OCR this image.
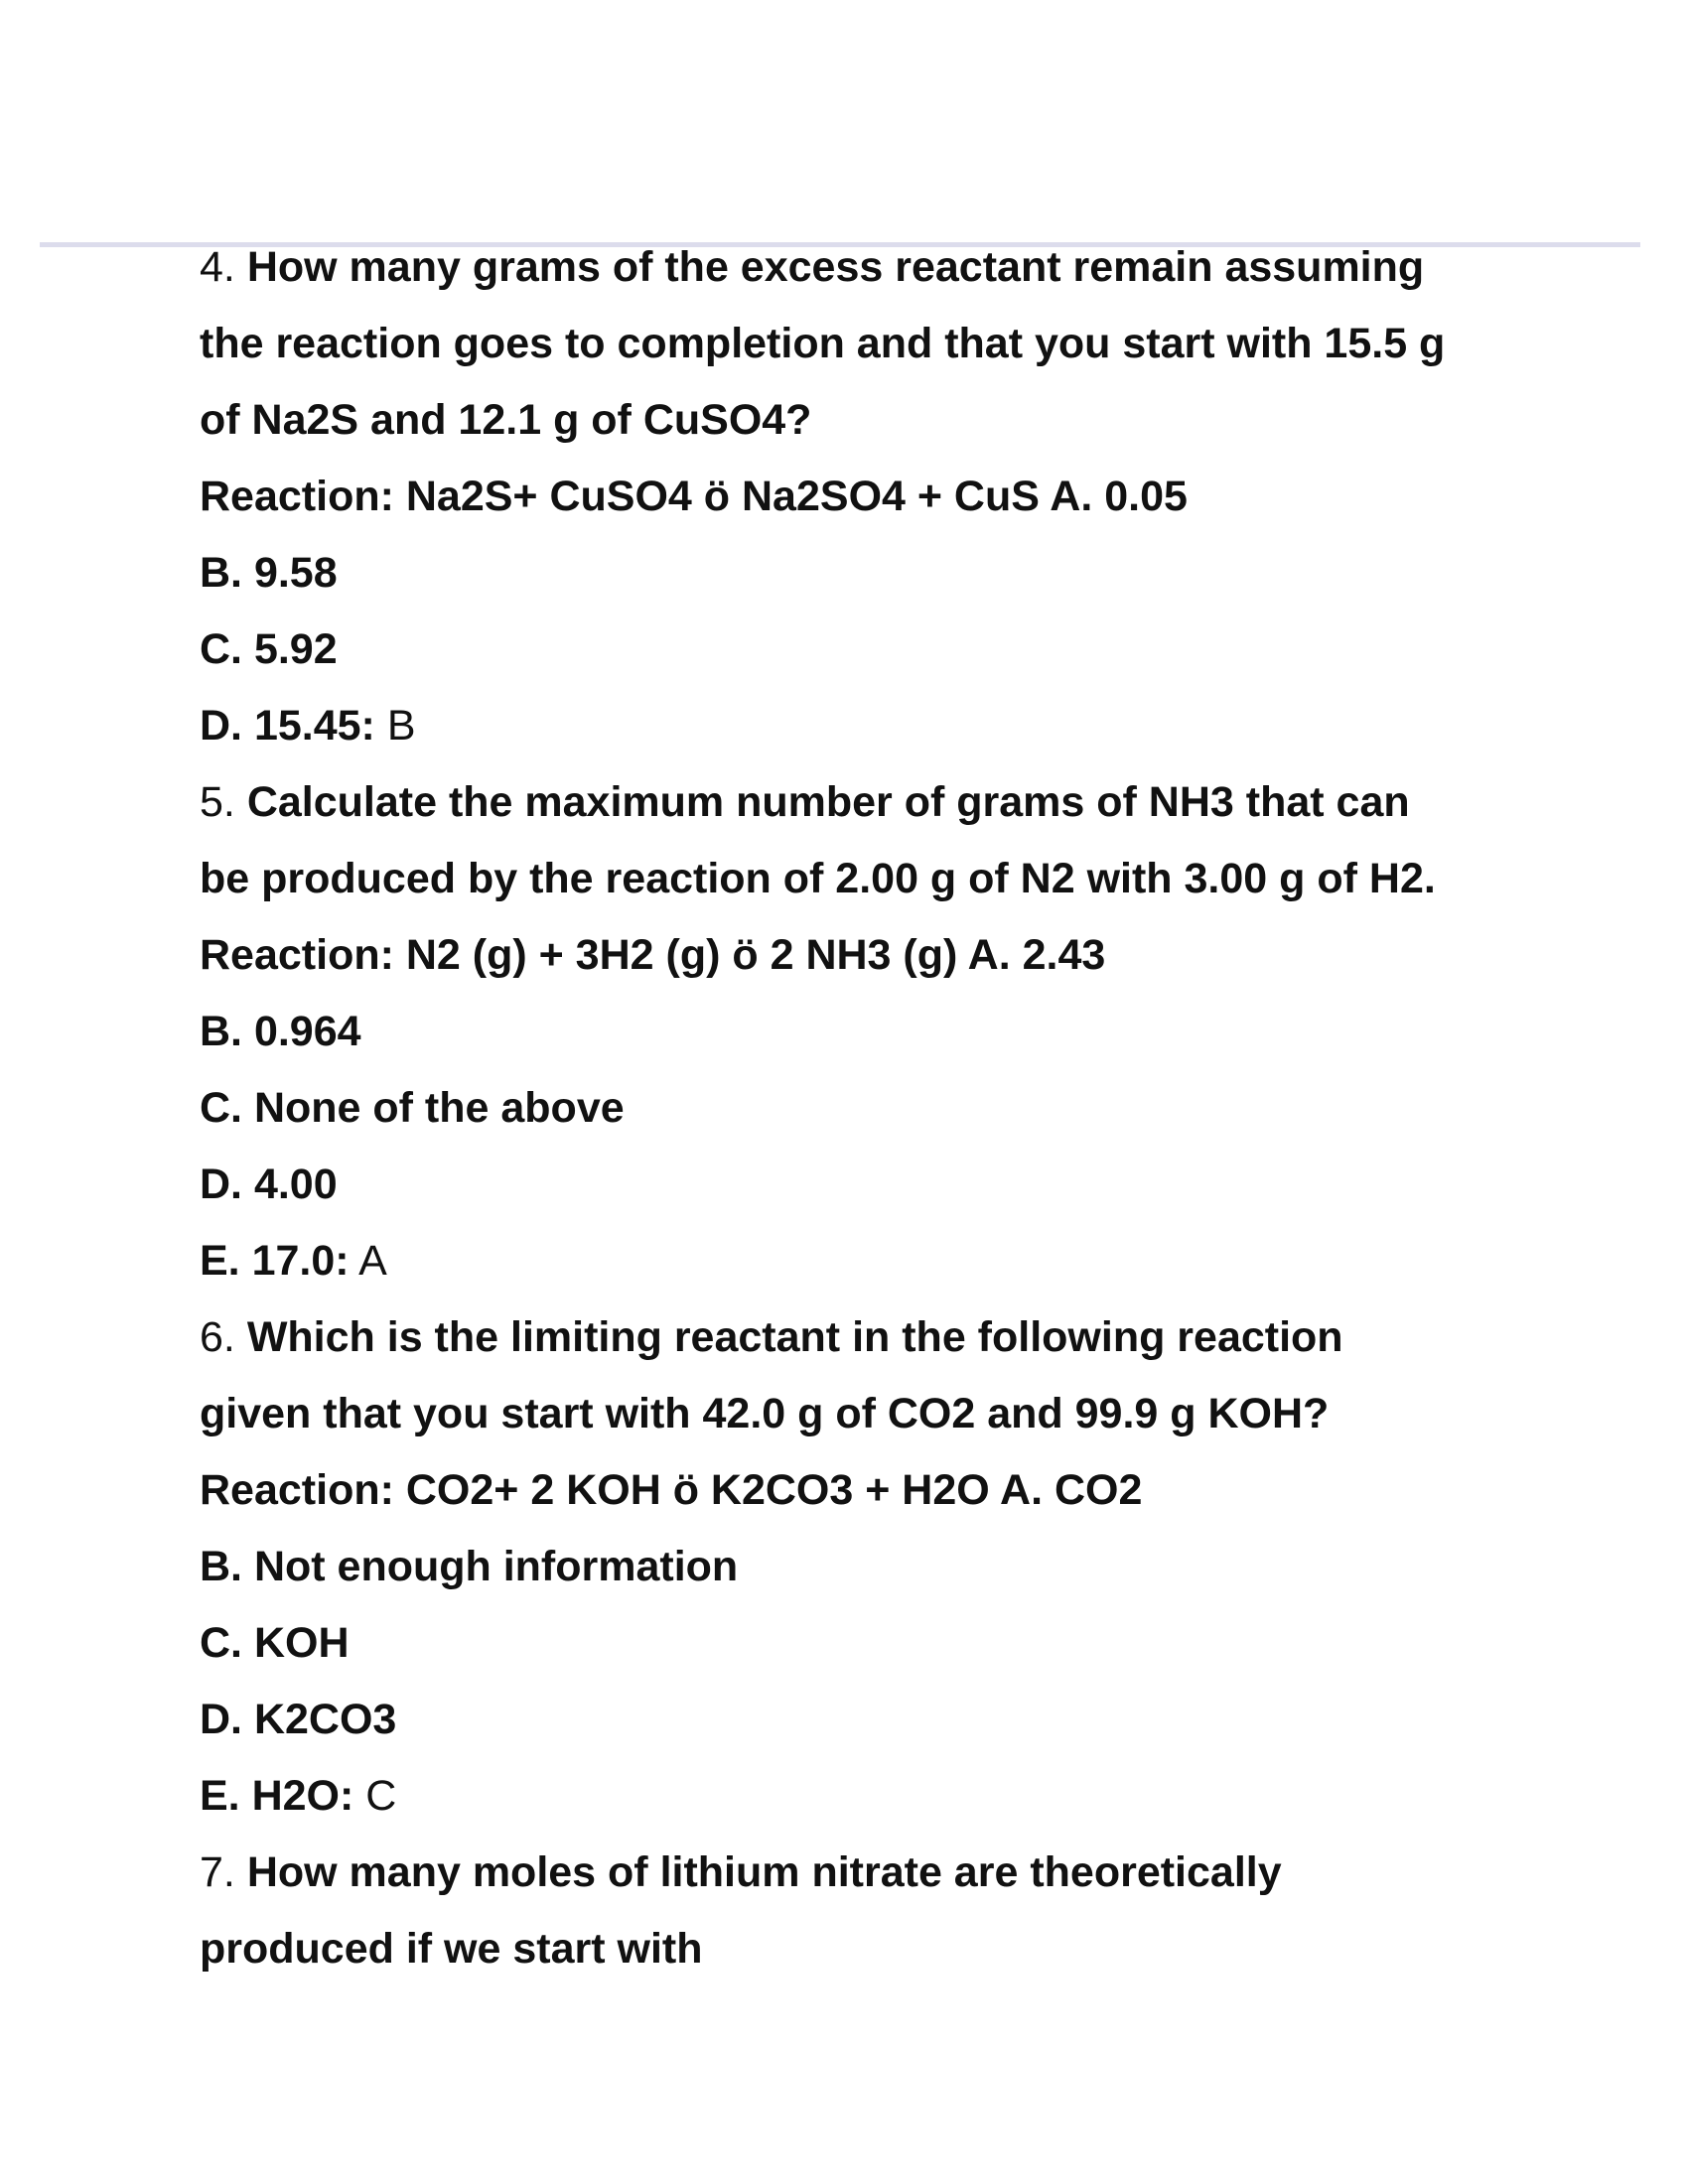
4. How many grams of the excess reactant remain assuming
the reaction goes to completion and that you start with 15.5 g
of Na2S and 12.1 g of CuSO4?
Reaction: Na2S+ CuSO4 ö Na2SO4 + CuS A. 0.05
B. 9.58
C. 5.92
D. 15.45: B
5. Calculate the maximum number of grams of NH3 that can
be produced by the reaction of 2.00 g of N2 with 3.00 g of H2.
Reaction: N2 (g) + 3H2 (g) ö 2 NH3 (g) A. 2.43
B. 0.964
C. None of the above
D. 4.00
E. 17.0: A
6. Which is the limiting reactant in the following reaction
given that you start with 42.0 g of CO2 and 99.9 g KOH?
Reaction: CO2+ 2 KOH ö K2CO3 + H2O A. CO2
B. Not enough information
C. KOH
D. K2CO3
E. H2O: C
7. How many moles of lithium nitrate are theoretically
produced if we start with
